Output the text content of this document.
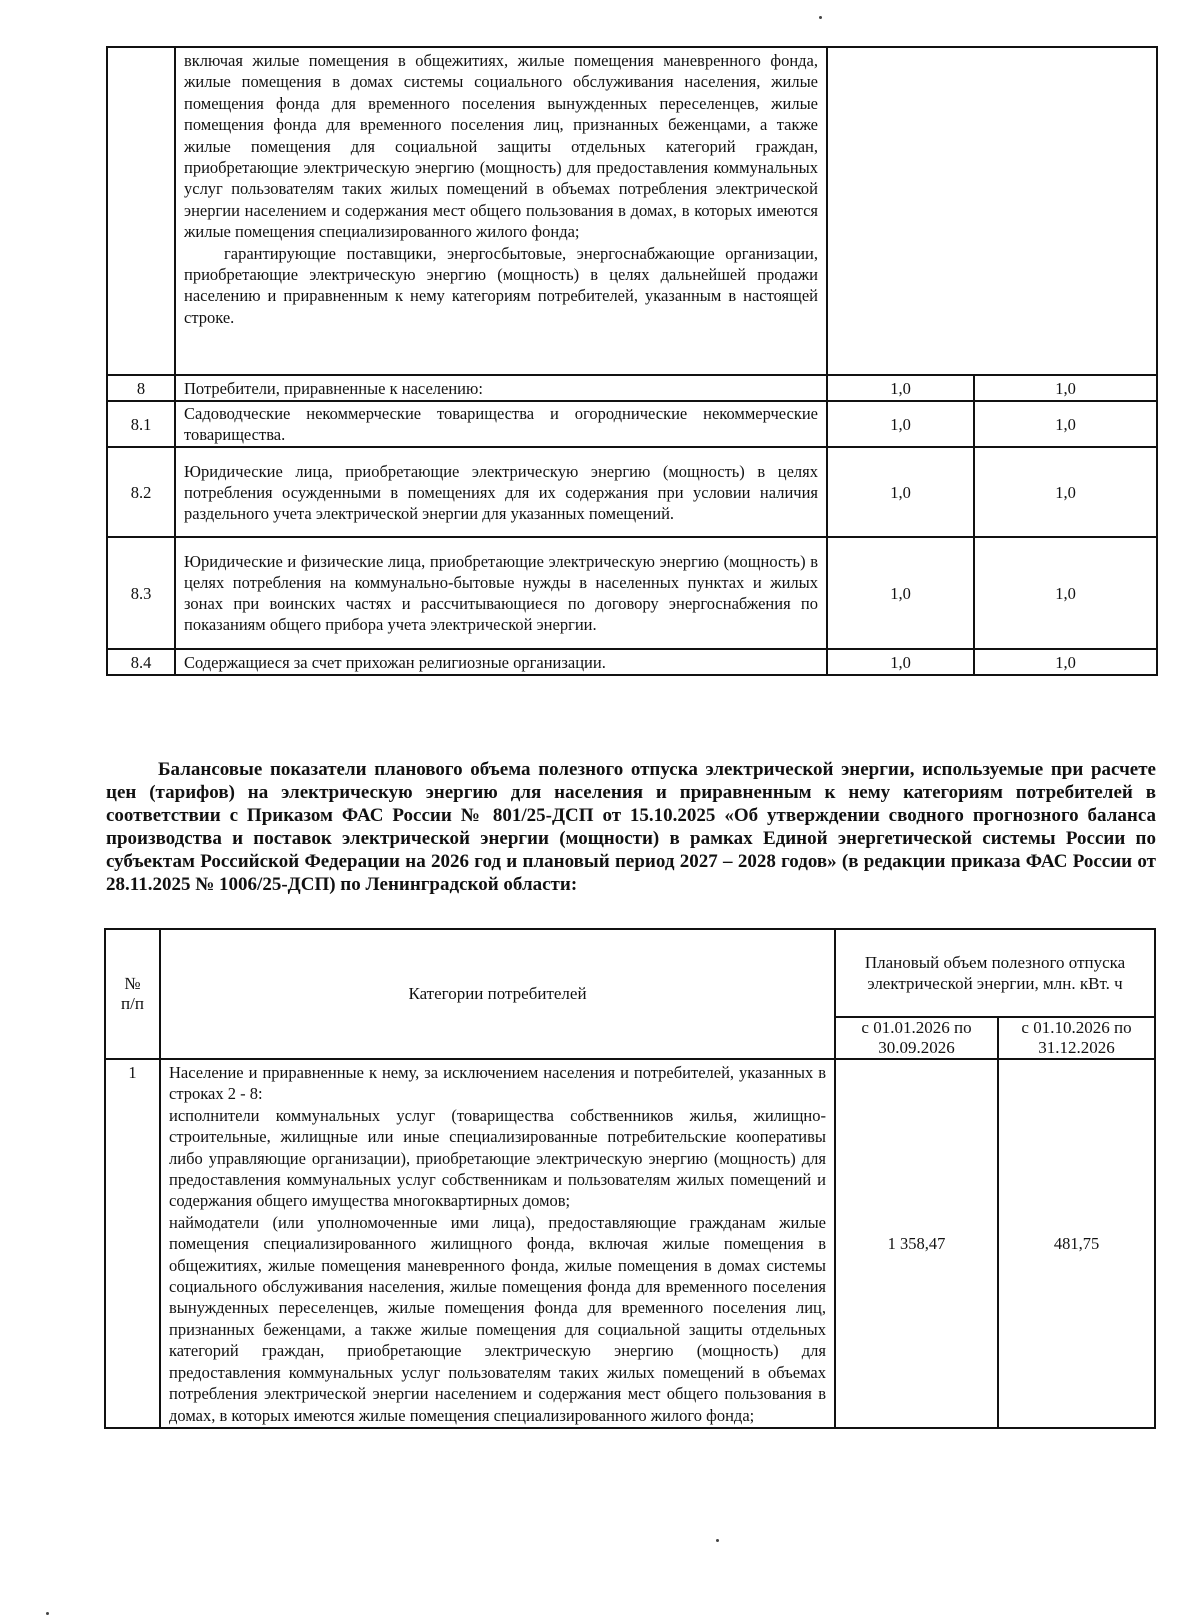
	включая жилые помещения в общежитиях, жилые помещения маневренного фонда, жилые помещения в домах системы социального обслуживания населения, жилые помещения фонда для временного поселения вынужденных переселенцев, жилые помещения фонда для временного поселения лиц, признанных беженцами, а также жилые помещения для социальной защиты отдельных категорий граждан, приобретающие электрическую энергию (мощность) для предоставления коммунальных услуг пользователям таких жилых помещений в объемах потребления электрической энергии населением и содержания мест общего пользования в домах, в которых имеются жилые помещения специализированного жилого фонда;
гарантирующие поставщики, энергосбытовые, энергоснабжающие организации, приобретающие электрическую энергию (мощность) в целях дальнейшей продажи населению и приравненным к нему категориям потребителей, указанным в настоящей строке.		

8	Потребители, приравненные к населению:	1,0	1,0
8.1	Садоводческие некоммерческие товарищества и огороднические некоммерческие товарищества.	1,0	1,0
8.2	Юридические лица, приобретающие электрическую энергию (мощность) в целях потребления осужденными в помещениях для их содержания при условии наличия раздельного учета электрической энергии для указанных помещений.	1,0	1,0
8.3	Юридические и физические лица, приобретающие электрическую энергию (мощность) в целях потребления на коммунально-бытовые нужды в населенных пунктах и жилых зонах при воинских частях и рассчитывающиеся по договору энергоснабжения по показаниям общего прибора учета электрической энергии.	1,0	1,0
8.4	Содержащиеся за счет прихожан религиозные организации.	1,0	1,0

Балансовые показатели планового объема полезного отпуска электрической энергии, используемые при расчете цен (тарифов) на электрическую энергию для населения и приравненным к нему категориям потребителей в соответствии с Приказом ФАС России № 801/25-ДСП от 15.10.2025 «Об утверждении сводного прогнозного баланса производства и поставок электрической энергии (мощности) в рамках Единой энергетической системы России по субъектам Российской Федерации на 2026 год и плановый период 2027 – 2028 годов» (в редакции приказа ФАС России от 28.11.2025 № 1006/25-ДСП) по Ленинградской области:

№ п/п	Категории потребителей	Плановый объем полезного отпуска электрической энергии, млн. кВт. ч	
		с 01.01.2026 по 30.09.2026	с 01.10.2026 по 31.12.2026
1	Население и приравненные к нему, за исключением населения и потребителей, указанных в строках 2 - 8:
исполнители коммунальных услуг (товарищества собственников жилья, жилищно-строительные, жилищные или иные специализированные потребительские кооперативы либо управляющие организации), приобретающие электрическую энергию (мощность) для предоставления коммунальных услуг собственникам и пользователям жилых помещений и содержания общего имущества многоквартирных домов;
наймодатели (или уполномоченные ими лица), предоставляющие гражданам жилые помещения специализированного жилищного фонда, включая жилые помещения в общежитиях, жилые помещения маневренного фонда, жилые помещения в домах системы социального обслуживания населения, жилые помещения фонда для временного поселения вынужденных переселенцев, жилые помещения фонда для временного поселения лиц, признанных беженцами, а также жилые помещения для социальной защиты отдельных категорий граждан, приобретающие электрическую энергию (мощность) для предоставления коммунальных услуг пользователям таких жилых помещений в объемах потребления электрической энергии населением и содержания мест общего пользования в домах, в которых имеются жилые помещения специализированного жилого фонда;	1 358,47	481,75
